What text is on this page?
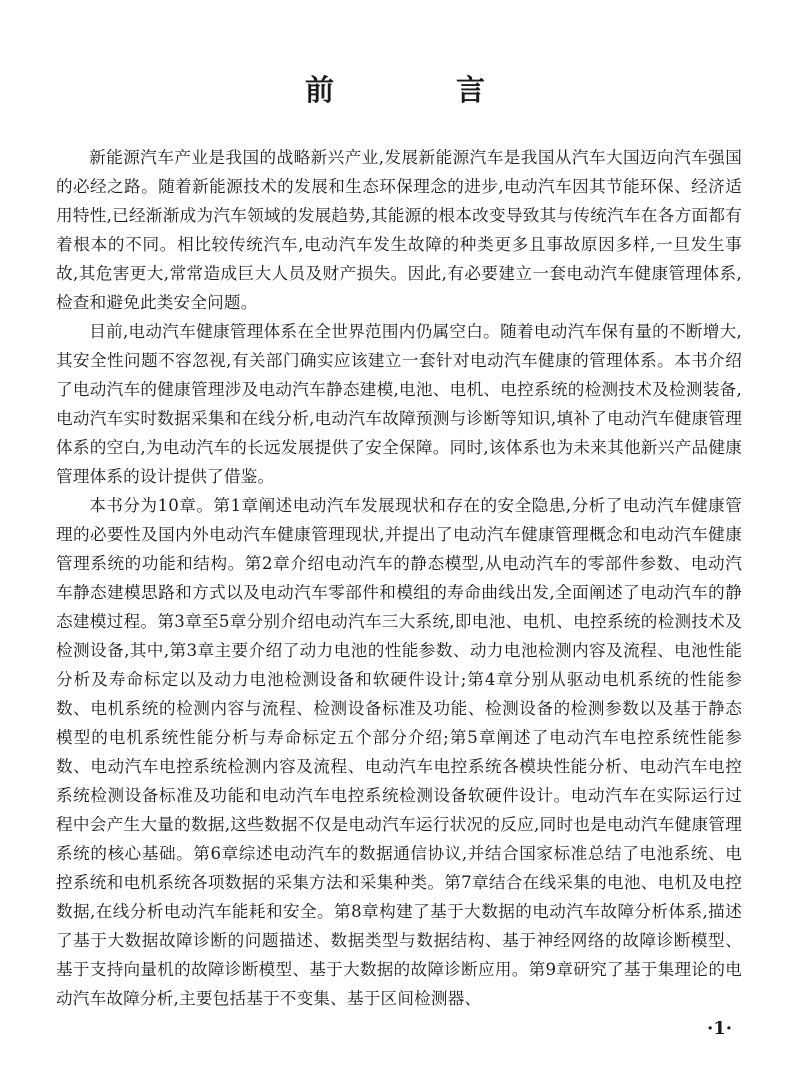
前 言

新能源汽车产业是我国的战略新兴产业,发展新能源汽车是我国从汽车大国迈向汽车强国的必经之路。随着新能源技术的发展和生态环保理念的进步,电动汽车因其节能环保、经济适用特性,已经渐渐成为汽车领域的发展趋势,其能源的根本改变导致其与传统汽车在各方面都有着根本的不同。相比较传统汽车,电动汽车发生故障的种类更多且事故原因多样,一旦发生事故,其危害更大,常常造成巨大人员及财产损失。因此,有必要建立一套电动汽车健康管理体系,检查和避免此类安全问题。

目前,电动汽车健康管理体系在全世界范围内仍属空白。随着电动汽车保有量的不断增大,其安全性问题不容忽视,有关部门确实应该建立一套针对电动汽车健康的管理体系。本书介绍了电动汽车的健康管理涉及电动汽车静态建模,电池、电机、电控系统的检测技术及检测装备,电动汽车实时数据采集和在线分析,电动汽车故障预测与诊断等知识,填补了电动汽车健康管理体系的空白,为电动汽车的长远发展提供了安全保障。同时,该体系也为未来其他新兴产品健康管理体系的设计提供了借鉴。

本书分为10章。第1章阐述电动汽车发展现状和存在的安全隐患,分析了电动汽车健康管理的必要性及国内外电动汽车健康管理现状,并提出了电动汽车健康管理概念和电动汽车健康管理系统的功能和结构。第2章介绍电动汽车的静态模型,从电动汽车的零部件参数、电动汽车静态建模思路和方式以及电动汽车零部件和模组的寿命曲线出发,全面阐述了电动汽车的静态建模过程。第3章至5章分别介绍电动汽车三大系统,即电池、电机、电控系统的检测技术及检测设备,其中,第3章主要介绍了动力电池的性能参数、动力电池检测内容及流程、电池性能分析及寿命标定以及动力电池检测设备和软硬件设计;第4章分别从驱动电机系统的性能参数、电机系统的检测内容与流程、检测设备标准及功能、检测设备的检测参数以及基于静态模型的电机系统性能分析与寿命标定五个部分介绍;第5章阐述了电动汽车电控系统性能参数、电动汽车电控系统检测内容及流程、电动汽车电控系统各模块性能分析、电动汽车电控系统检测设备标准及功能和电动汽车电控系统检测设备软硬件设计。电动汽车在实际运行过程中会产生大量的数据,这些数据不仅是电动汽车运行状况的反应,同时也是电动汽车健康管理系统的核心基础。第6章综述电动汽车的数据通信协议,并结合国家标准总结了电池系统、电控系统和电机系统各项数据的采集方法和采集种类。第7章结合在线采集的电池、电机及电控数据,在线分析电动汽车能耗和安全。第8章构建了基于大数据的电动汽车故障分析体系,描述了基于大数据故障诊断的问题描述、数据类型与数据结构、基于神经网络的故障诊断模型、基于支持向量机的故障诊断模型、基于大数据的故障诊断应用。第9章研究了基于集理论的电动汽车故障分析,主要包括基于不变集、基于区间检测器、

·1·
